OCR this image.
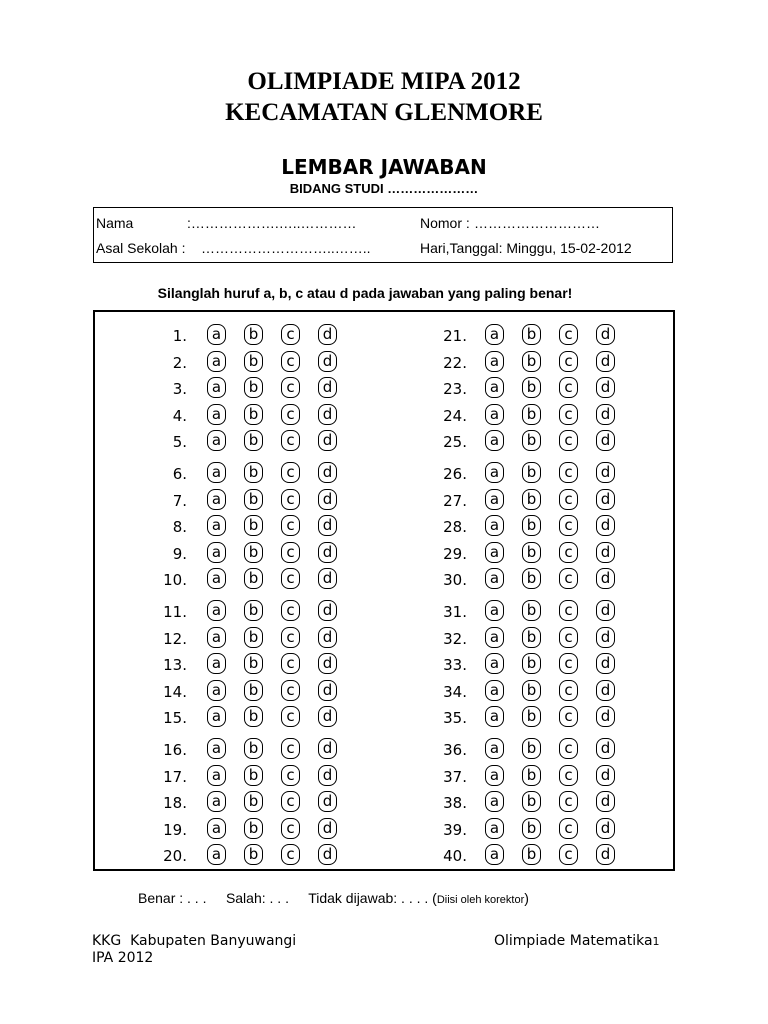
OLIMPIADE MIPA 2012
KECAMATAN GLENMORE
LEMBAR JAWABAN
BIDANG STUDI …………………
Nama	:……………….…..…………
Asal Sekolah : ………………………..……..
Nomor : ………………………
Hari,Tanggal: Minggu, 15-02-2012
Silanglah huruf a, b, c atau d pada jawaban yang paling benar!
1.	a	b	c	d
2.	a	b	c	d
3.	a	b	c	d
4.	a	b	c	d
5.	a	b	c	d
6.	a	b	c	d
7.	a	b	c	d
8.	a	b	c	d
9.	a	b	c	d
10.	a	b	c	d
11.	a	b	c	d
12.	a	b	c	d
13.	a	b	c	d
14.	a	b	c	d
15.	a	b	c	d
16.	a	b	c	d
17.	a	b	c	d
18.	a	b	c	d
19.	a	b	c	d
20.	a	b	c	d
21.	a	b	c	d
22.	a	b	c	d
23.	a	b	c	d
24.	a	b	c	d
25.	a	b	c	d
26.	a	b	c	d
27.	a	b	c	d
28.	a	b	c	d
29.	a	b	c	d
30.	a	b	c	d
31.	a	b	c	d
32.	a	b	c	d
33.	a	b	c	d
34.	a	b	c	d
35.	a	b	c	d
36.	a	b	c	d
37.	a	b	c	d
38.	a	b	c	d
39.	a	b	c	d
40.	a	b	c	d
Benar : . . . Salah: . . . Tidak dijawab: . . . . (Diisi oleh korektor)
KKG  Kabupaten Banyuwangi
IPA 2012
Olimpiade Matematika1
